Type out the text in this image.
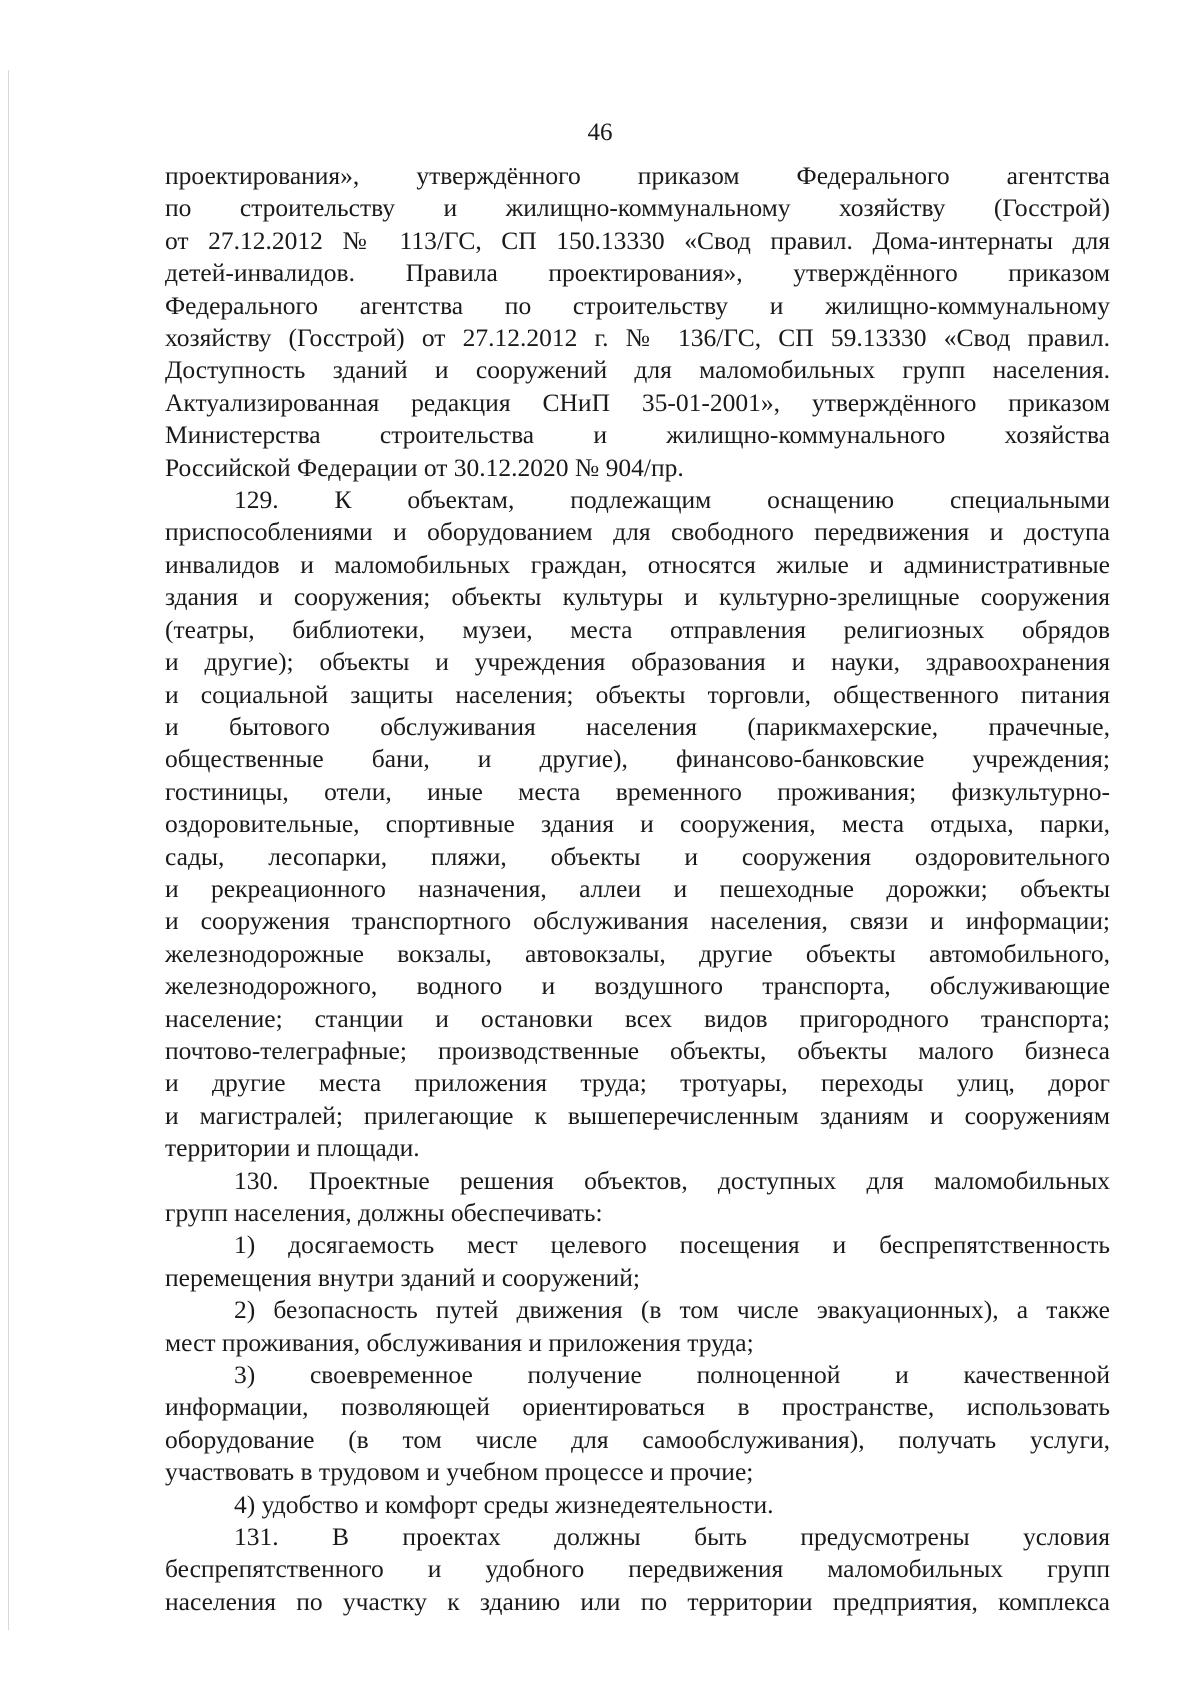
46
проектирования», утверждённого приказом Федерального агентства
по строительству и жилищно-коммунальному хозяйству (Госстрой)
от 27.12.2012 № 113/ГС, СП 150.13330 «Свод правил. Дома-интернаты для
детей-инвалидов. Правила проектирования», утверждённого приказом
Федерального агентства по строительству и жилищно-коммунальному
хозяйству (Госстрой) от 27.12.2012 г. № 136/ГС, СП 59.13330 «Свод правил.
Доступность зданий и сооружений для маломобильных групп населения.
Актуализированная редакция СНиП 35-01-2001», утверждённого приказом
Министерства строительства и жилищно-коммунального хозяйства
Российской Федерации от 30.12.2020 № 904/пр.
129. К объектам, подлежащим оснащению специальными
приспособлениями и оборудованием для свободного передвижения и доступа
инвалидов и маломобильных граждан, относятся жилые и административные
здания и сооружения; объекты культуры и культурно-зрелищные сооружения
(театры, библиотеки, музеи, места отправления религиозных обрядов
и другие); объекты и учреждения образования и науки, здравоохранения
и социальной защиты населения; объекты торговли, общественного питания
и бытового обслуживания населения (парикмахерские, прачечные,
общественные бани, и другие), финансово-банковские учреждения;
гостиницы, отели, иные места временного проживания; физкультурно-
оздоровительные, спортивные здания и сооружения, места отдыха, парки,
сады, лесопарки, пляжи, объекты и сооружения оздоровительного
и рекреационного назначения, аллеи и пешеходные дорожки; объекты
и сооружения транспортного обслуживания населения, связи и информации;
железнодорожные вокзалы, автовокзалы, другие объекты автомобильного,
железнодорожного, водного и воздушного транспорта, обслуживающие
население; станции и остановки всех видов пригородного транспорта;
почтово-телеграфные; производственные объекты, объекты малого бизнеса
и другие места приложения труда; тротуары, переходы улиц, дорог
и магистралей; прилегающие к вышеперечисленным зданиям и сооружениям
территории и площади.
130. Проектные решения объектов, доступных для маломобильных
групп населения, должны обеспечивать:
1) досягаемость мест целевого посещения и беспрепятственность
перемещения внутри зданий и сооружений;
2) безопасность путей движения (в том числе эвакуационных), а также
мест проживания, обслуживания и приложения труда;
3) своевременное получение полноценной и качественной
информации, позволяющей ориентироваться в пространстве, использовать
оборудование (в том числе для самообслуживания), получать услуги,
участвовать в трудовом и учебном процессе и прочие;
4) удобство и комфорт среды жизнедеятельности.
131. В проектах должны быть предусмотрены условия
беспрепятственного и удобного передвижения маломобильных групп
населения по участку к зданию или по территории предприятия, комплекса
